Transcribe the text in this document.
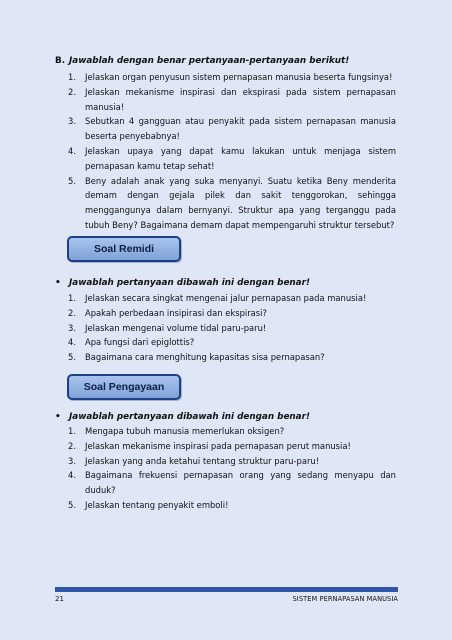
B. Jawablah dengan benar pertanyaan-pertanyaan berikut!
1. Jelaskan organ penyusun sistem pernapasan manusia beserta fungsinya!
2. Jelaskan mekanisme inspirasi dan ekspirasi pada sistem pernapasan manusia!
3. Sebutkan 4 gangguan atau penyakit pada sistem pernapasan manusia beserta penyebabnya!
4. Jelaskan upaya yang dapat kamu lakukan untuk menjaga sistem pernapasan kamu tetap sehat!
5. Beny adalah anak yang suka menyanyi. Suatu ketika Beny menderita demam dengan gejala pilek dan sakit tenggorokan, sehingga menggangunya dalam bernyanyi. Struktur apa yang terganggu pada tubuh Beny? Bagaimana demam dapat mempengaruhi struktur tersebut?
Soal Remidi
• Jawablah pertanyaan dibawah ini dengan benar!
1. Jelaskan secara singkat mengenai jalur pernapasan pada manusia!
2. Apakah perbedaan insipirasi dan ekspirasi?
3. Jelaskan mengenai volume tidal paru-paru!
4. Apa fungsi dari epiglottis?
5. Bagaimana cara menghitung kapasitas sisa pernapasan?
Soal Pengayaan
• Jawablah pertanyaan dibawah ini dengan benar!
1. Mengapa tubuh manusia memerlukan oksigen?
2. Jelaskan mekanisme inspirasi pada pernapasan perut manusia!
3. Jelaskan yang anda ketahui tentang struktur paru-paru!
4. Bagaimana frekuensi pernapasan orang yang sedang menyapu dan duduk?
5. Jelaskan tentang penyakit emboli!
21	SISTEM PERNAPASAN MANUSIA
